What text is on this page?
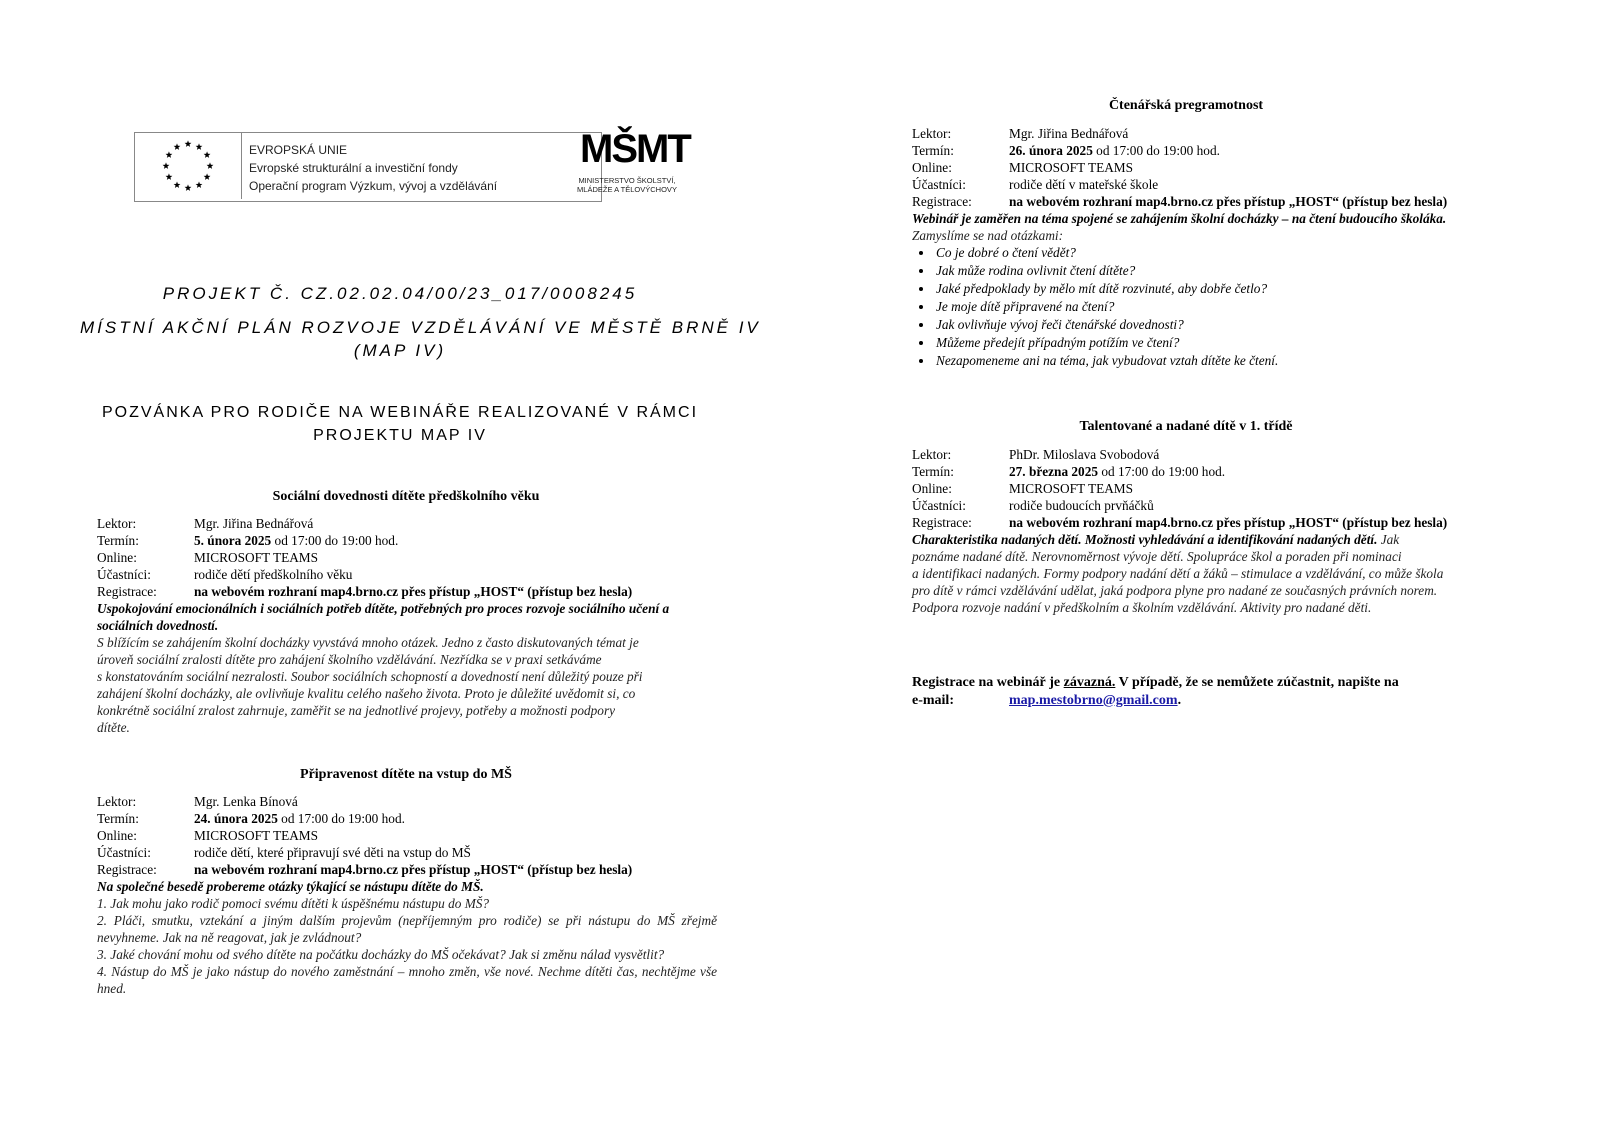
EVROPSKÁ UNIE
Evropské strukturální a investiční fondy
Operační program Výzkum, vývoj a vzdělávání
MŠMT
MINISTERSTVO ŠKOLSTVÍ,
MLÁDEŽE A TĚLOVÝCHOVY
PROJEKT Č. CZ.02.02.04/00/23_017/0008245
MÍSTNÍ AKČNÍ PLÁN ROZVOJE VZDĚLÁVÁNÍ VE MĚSTĚ BRNĚ IV
(MAP IV)
POZVÁNKA PRO RODIČE NA WEBINÁŘE REALIZOVANÉ V RÁMCI
PROJEKTU MAP IV
Sociální dovednosti dítěte předškolního věku
Lektor:	Mgr. Jiřina Bednářová
Termín:	5. února 2025 od 17:00 do 19:00 hod.
Online:	MICROSOFT TEAMS
Účastníci:	rodiče dětí předškolního věku
Registrace:	na webovém rozhraní map4.brno.cz přes přístup „HOST“ (přístup bez hesla)
Uspokojování emocionálních i sociálních potřeb dítěte, potřebných pro proces rozvoje sociálního učení a sociálních dovedností.
S blížícím se zahájením školní docházky vyvstává mnoho otázek. Jedno z často diskutovaných témat je
úroveň sociální zralosti dítěte pro zahájení školního vzdělávání. Nezřídka se v praxi setkáváme
s konstatováním sociální nezralosti. Soubor sociálních schopností a dovedností není důležitý pouze při
zahájení školní docházky, ale ovlivňuje kvalitu celého našeho života. Proto je důležité uvědomit si, co
konkrétně sociální zralost zahrnuje, zaměřit se na jednotlivé projevy, potřeby a možnosti podpory
dítěte.
Připravenost dítěte na vstup do MŠ
Lektor:	Mgr. Lenka Bínová
Termín:	24. února 2025 od 17:00 do 19:00 hod.
Online:	MICROSOFT TEAMS
Účastníci:	rodiče dětí, které připravují své děti na vstup do MŠ
Registrace:	na webovém rozhraní map4.brno.cz přes přístup „HOST“ (přístup bez hesla)
Na společné besedě probereme otázky týkající se nástupu dítěte do MŠ.
1. Jak mohu jako rodič pomoci svému dítěti k úspěšnému nástupu do MŠ?
2. Pláči, smutku, vztekání a jiným dalším projevům (nepříjemným pro rodiče) se při nástupu do MŠ zřejmě nevyhneme. Jak na ně reagovat, jak je zvládnout?
3. Jaké chování mohu od svého dítěte na počátku docházky do MŠ očekávat? Jak si změnu nálad vysvětlit?
4. Nástup do MŠ je jako nástup do nového zaměstnání – mnoho změn, vše nové. Nechme dítěti čas, nechtějme vše hned.
Čtenářská pregramotnost
Lektor:	Mgr. Jiřina Bednářová
Termín:	26. února 2025 od 17:00 do 19:00 hod.
Online:	MICROSOFT TEAMS
Účastníci:	rodiče dětí v mateřské škole
Registrace:	na webovém rozhraní map4.brno.cz přes přístup „HOST“ (přístup bez hesla)
Webinář je zaměřen na téma spojené se zahájením školní docházky – na čtení budoucího školáka.
Zamyslíme se nad otázkami:
• Co je dobré o čtení vědět?
• Jak může rodina ovlivnit čtení dítěte?
• Jaké předpoklady by mělo mít dítě rozvinuté, aby dobře četlo?
• Je moje dítě připravené na čtení?
• Jak ovlivňuje vývoj řeči čtenářské dovednosti?
• Můžeme předejít případným potížím ve čtení?
• Nezapomeneme ani na téma, jak vybudovat vztah dítěte ke čtení.
Talentované a nadané dítě v 1. třídě
Lektor:	PhDr. Miloslava Svobodová
Termín:	27. března 2025 od 17:00 do 19:00 hod.
Online:	MICROSOFT TEAMS
Účastníci:	rodiče budoucích prvňáčků
Registrace:	na webovém rozhraní map4.brno.cz přes přístup „HOST“ (přístup bez hesla)
Charakteristika nadaných dětí. Možnosti vyhledávání a identifikování nadaných dětí. Jak
poznáme nadané dítě. Nerovnoměrnost vývoje dětí. Spolupráce škol a poraden při nominaci
a identifikaci nadaných. Formy podpory nadání dětí a žáků – stimulace a vzdělávání, co může škola
pro dítě v rámci vzdělávání udělat, jaká podpora plyne pro nadané ze současných právních norem.
Podpora rozvoje nadání v předškolním a školním vzdělávání. Aktivity pro nadané děti.
Registrace na webinář je závazná. V případě, že se nemůžete zúčastnit, napište na
e-mail:	map.mestobrno@gmail.com .
